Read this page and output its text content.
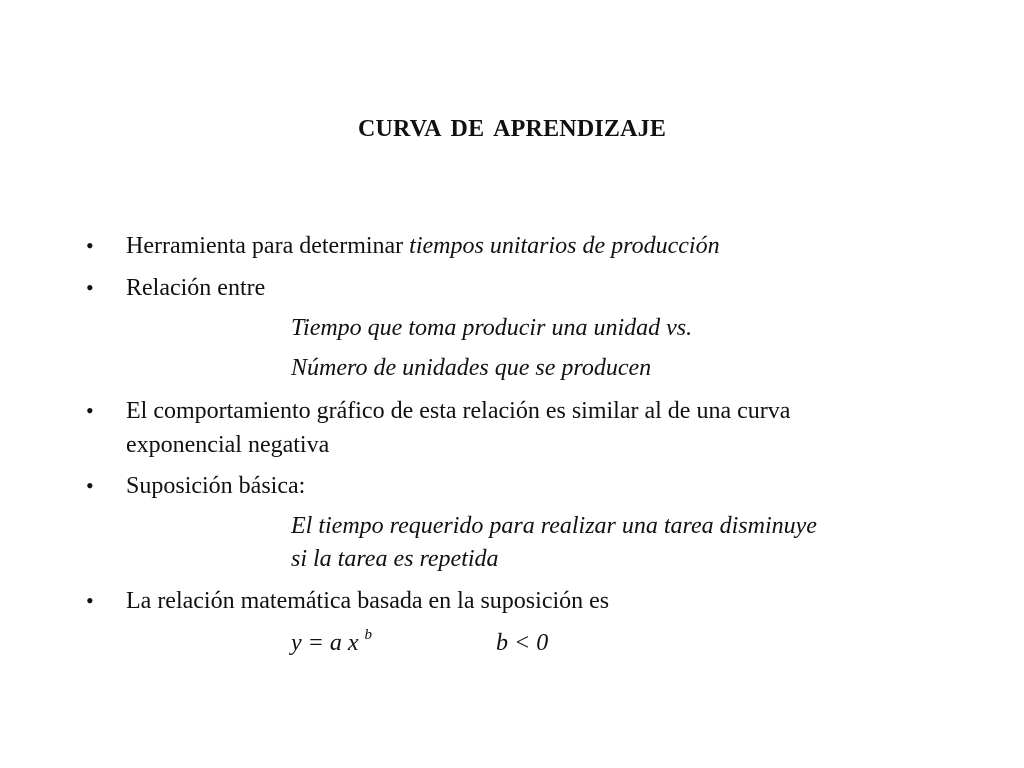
CURVA DE APRENDIZAJE
• Herramienta para determinar tiempos unitarios de producción
• Relación entre
Tiempo que toma producir una unidad vs.
Número de unidades que se producen
• El comportamiento gráfico de esta relación es similar al de una curva
exponencial negativa
• Suposición básica:
El tiempo requerido para realizar una tarea disminuye
si la tarea es repetida
• La relación matemática basada en la suposición es
y = a x $^b$	b < 0
